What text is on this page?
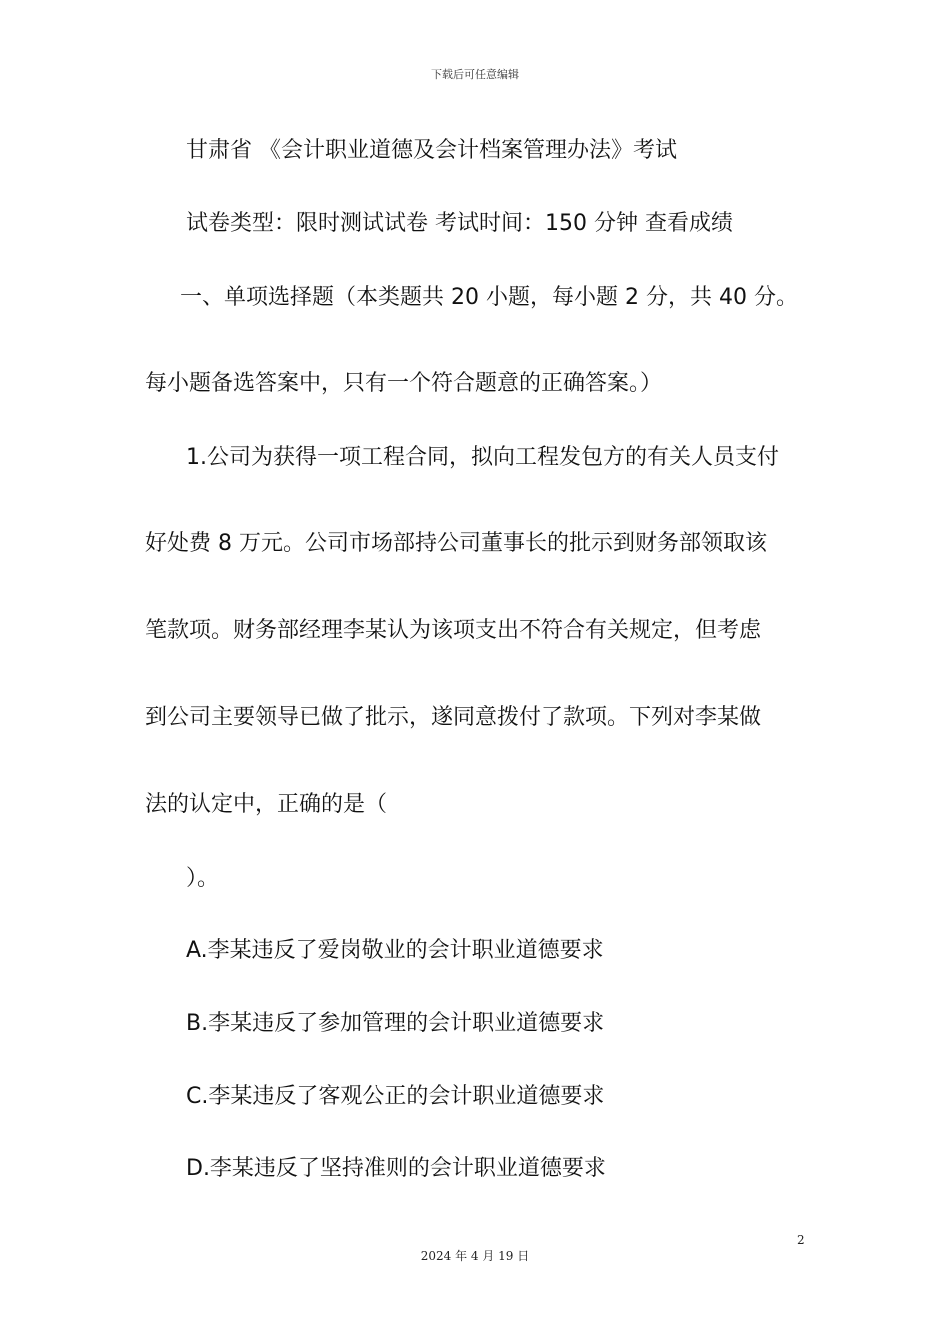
下载后可任意编辑
甘肃省 《会计职业道德及会计档案管理办法》考试
试卷类型：限时测试试卷 考试时间：150 分钟 查看成绩
一、单项选择题（本类题共 20 小题，每小题 2 分，共 40 分。
每小题备选答案中，只有一个符合题意的正确答案。）
1.公司为获得一项工程合同，拟向工程发包方的有关人员支付
好处费 8 万元。公司市场部持公司董事长的批示到财务部领取该
笔款项。财务部经理李某认为该项支出不符合有关规定，但考虑
到公司主要领导已做了批示，遂同意拨付了款项。下列对李某做
法的认定中，正确的是（
）。
A.李某违反了爱岗敬业的会计职业道德要求
B.李某违反了参加管理的会计职业道德要求
C.李某违反了客观公正的会计职业道德要求
D.李某违反了坚持准则的会计职业道德要求
2
2024 年 4 月 19 日
